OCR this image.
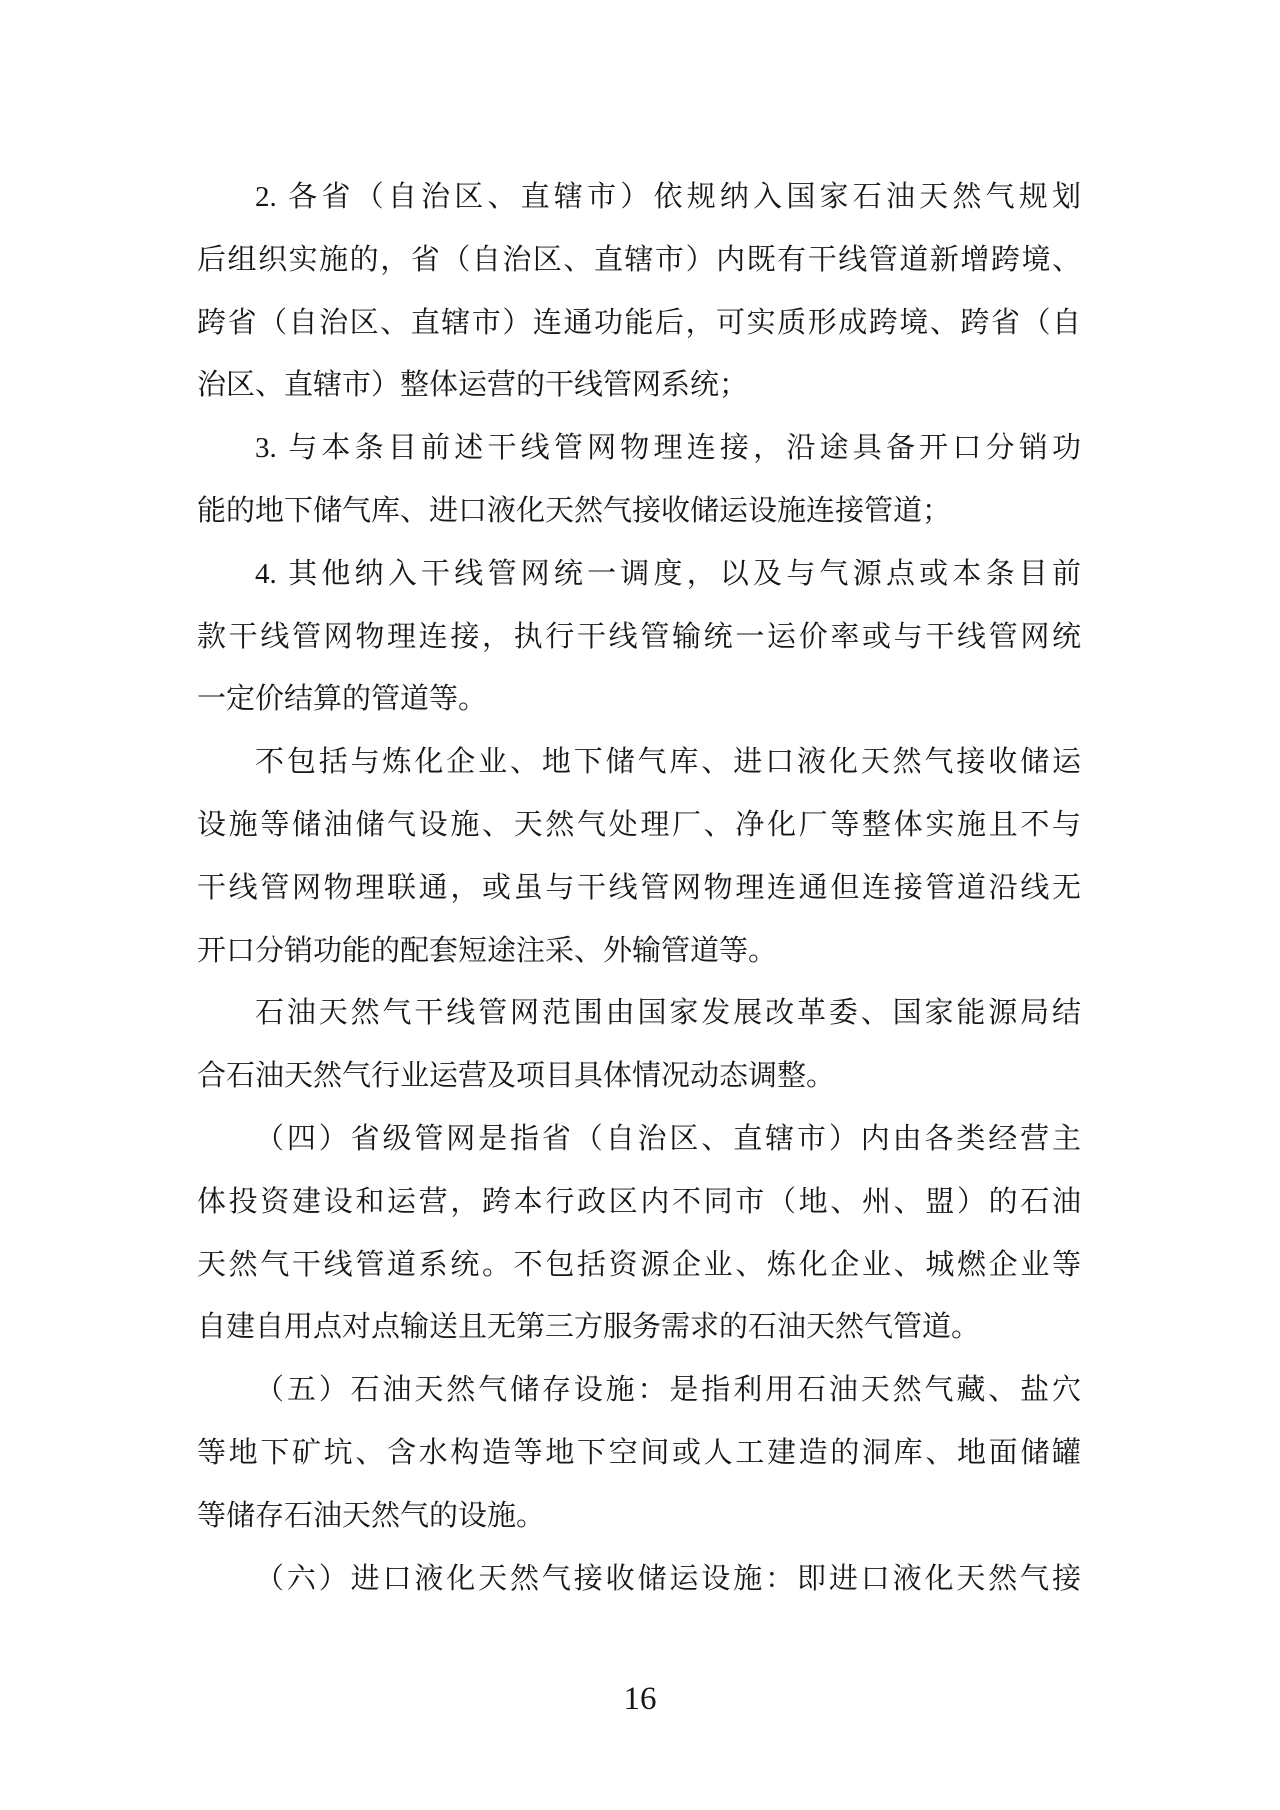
2. 各省（自治区、直辖市）依规纳入国家石油天然气规划
后组织实施的，省（自治区、直辖市）内既有干线管道新增跨境、
跨省（自治区、直辖市）连通功能后，可实质形成跨境、跨省（自
治区、直辖市）整体运营的干线管网系统；
3. 与本条目前述干线管网物理连接，沿途具备开口分销功
能的地下储气库、进口液化天然气接收储运设施连接管道；
4. 其他纳入干线管网统一调度，以及与气源点或本条目前
款干线管网物理连接，执行干线管输统一运价率或与干线管网统
一定价结算的管道等。
不包括与炼化企业、地下储气库、进口液化天然气接收储运
设施等储油储气设施、天然气处理厂、净化厂等整体实施且不与
干线管网物理联通，或虽与干线管网物理连通但连接管道沿线无
开口分销功能的配套短途注采、外输管道等。
石油天然气干线管网范围由国家发展改革委、国家能源局结
合石油天然气行业运营及项目具体情况动态调整。
（四）省级管网是指省（自治区、直辖市）内由各类经营主
体投资建设和运营，跨本行政区内不同市（地、州、盟）的石油
天然气干线管道系统。不包括资源企业、炼化企业、城燃企业等
自建自用点对点输送且无第三方服务需求的石油天然气管道。
（五）石油天然气储存设施：是指利用石油天然气藏、盐穴
等地下矿坑、含水构造等地下空间或人工建造的洞库、地面储罐
等储存石油天然气的设施。
（六）进口液化天然气接收储运设施：即进口液化天然气接
16
